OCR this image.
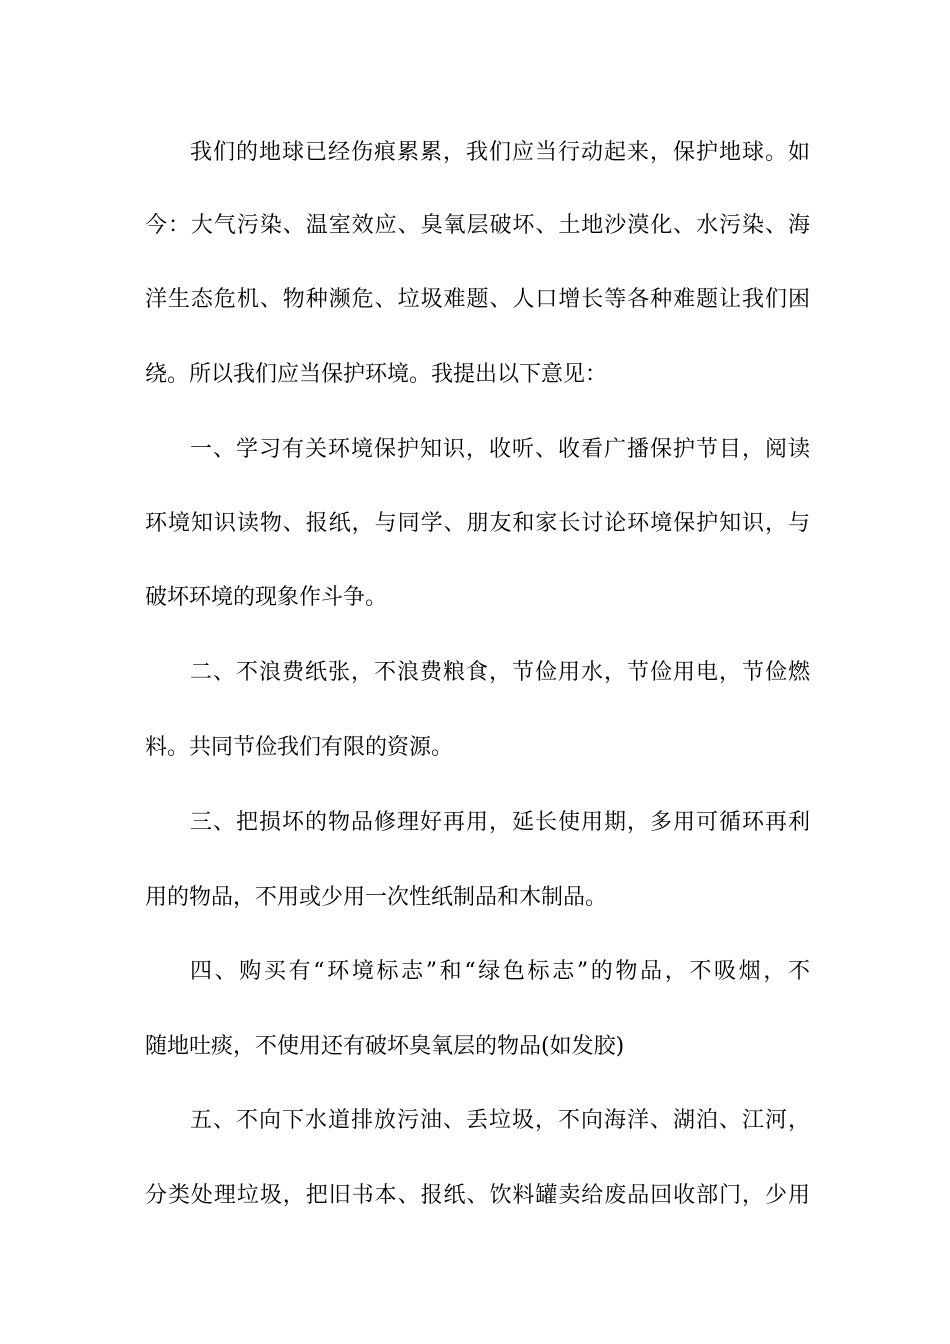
我们的地球已经伤痕累累，我们应当行动起来，保护地球。如
今：大气污染、温室效应、臭氧层破坏、土地沙漠化、水污染、海
洋生态危机、物种濒危、垃圾难题、人口增长等各种难题让我们困
绕。所以我们应当保护环境。我提出以下意见：
一、学习有关环境保护知识，收听、收看广播保护节目，阅读
环境知识读物、报纸，与同学、朋友和家长讨论环境保护知识，与
破坏环境的现象作斗争。
二、不浪费纸张，不浪费粮食，节俭用水，节俭用电，节俭燃
料。共同节俭我们有限的资源。
三、把损坏的物品修理好再用，延长使用期，多用可循环再利
用的物品，不用或少用一次性纸制品和木制品。
四、购买有“环境标志”和“绿色标志”的物品，不吸烟，不
随地吐痰，不使用还有破坏臭氧层的物品(如发胶)
五、不向下水道排放污油、丢垃圾，不向海洋、湖泊、江河，
分类处理垃圾，把旧书本、报纸、饮料罐卖给废品回收部门，少用
